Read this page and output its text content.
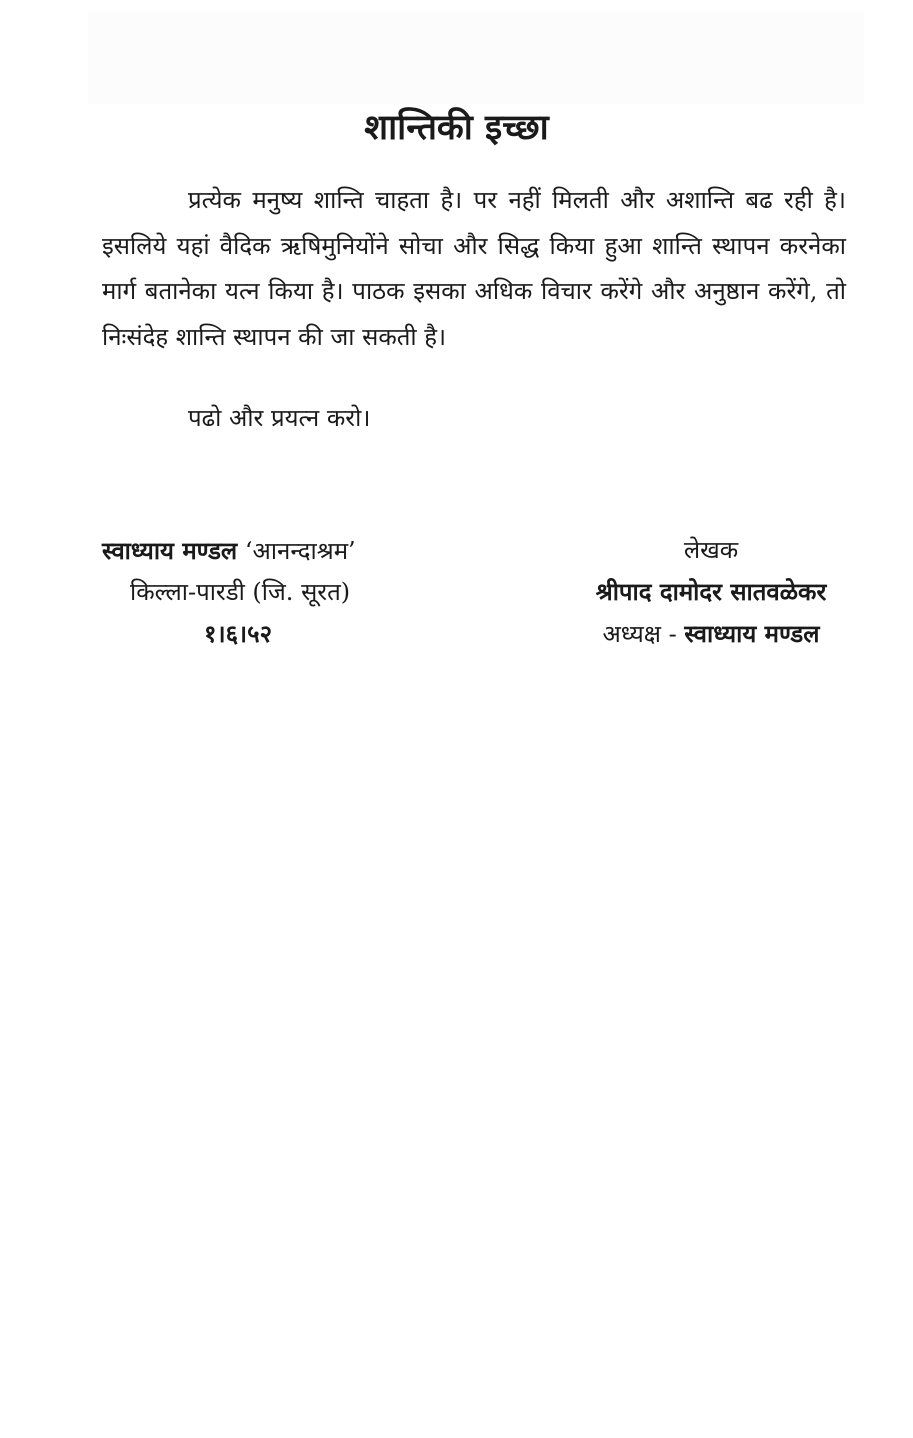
शान्तिकी इच्छा

प्रत्येक मनुष्य शान्ति चाहता है। पर नहीं मिलती और अशान्ति बढ रही है। इसलिये यहां वैदिक ऋषिमुनियोंने सोचा और सिद्ध किया हुआ शान्ति स्थापन करनेका मार्ग बतानेका यत्न किया है। पाठक इसका अधिक विचार करेंगे और अनुष्ठान करेंगे, तो निःसंदेह शान्ति स्थापन की जा सकती है।

पढो और प्रयत्न करो।

स्वाध्याय मण्डल ‘आनन्दाश्रम’
किल्ला-पारडी (जि. सूरत)
१।६।५२
लेखक
श्रीपाद दामोदर सातवळेकर
अध्यक्ष - स्वाध्याय मण्डल
